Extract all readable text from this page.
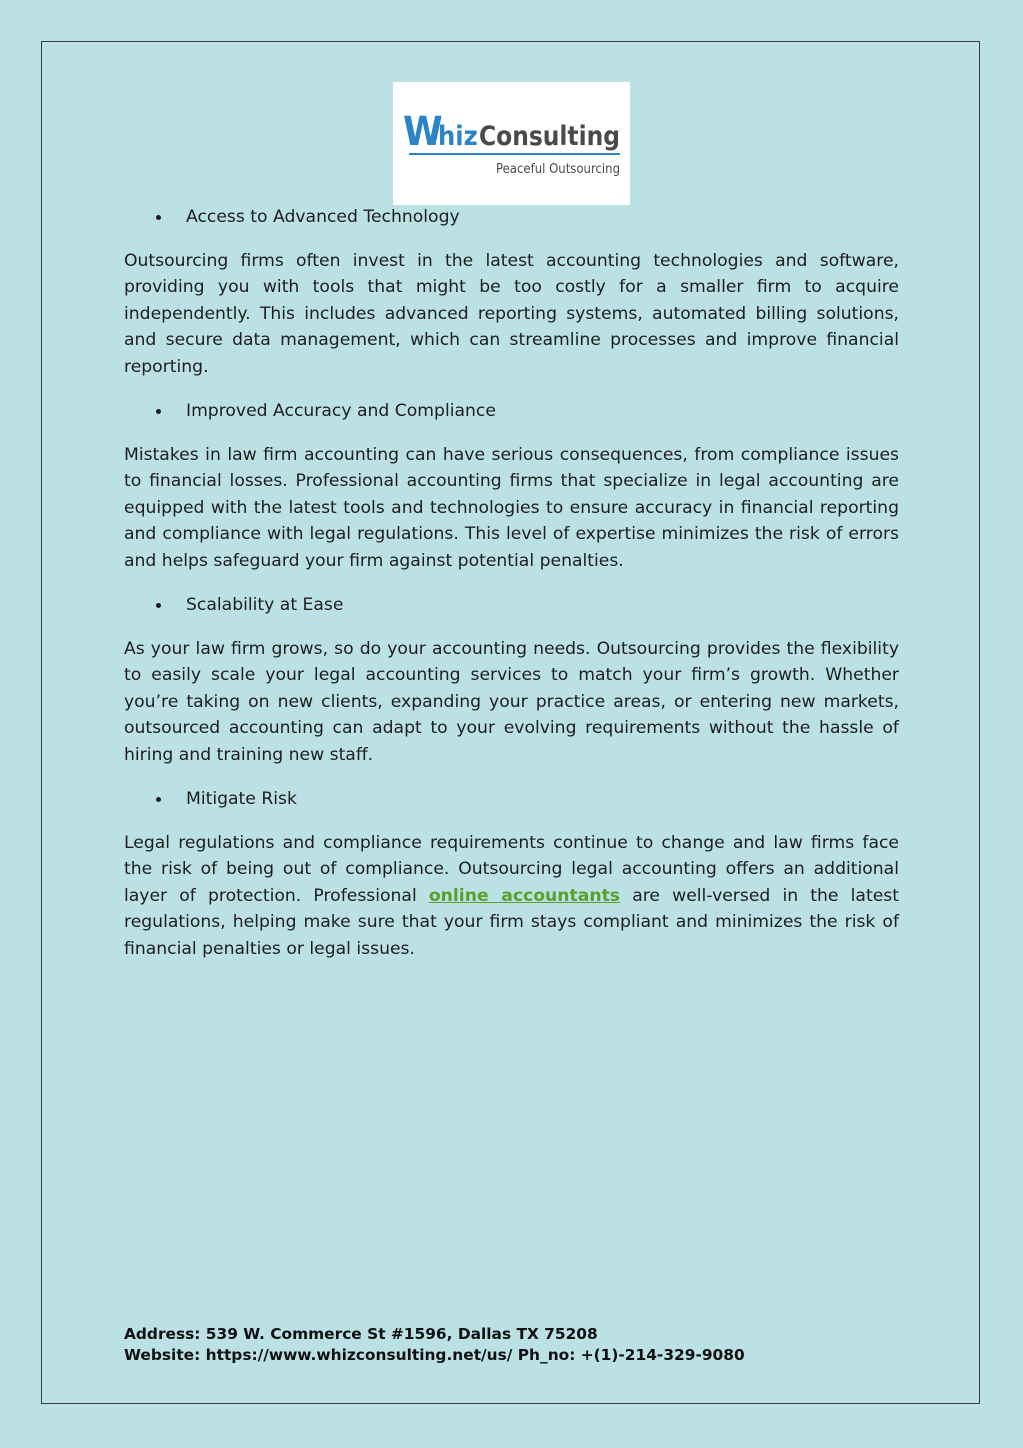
W
hiz Consulting
Peaceful Outsourcing
Access to Advanced Technology

Outsourcing firms often invest in the latest accounting technologies and software, providing you with tools that might be too costly for a smaller firm to acquire independently. This includes advanced reporting systems, automated billing solutions, and secure data management, which can streamline processes and improve financial reporting.

Improved Accuracy and Compliance

Mistakes in law firm accounting can have serious consequences, from compliance issues to financial losses. Professional accounting firms that specialize in legal accounting are equipped with the latest tools and technologies to ensure accuracy in financial reporting and compliance with legal regulations. This level of expertise minimizes the risk of errors and helps safeguard your firm against potential penalties.

Scalability at Ease

As your law firm grows, so do your accounting needs. Outsourcing provides the flexibility to easily scale your legal accounting services to match your firm’s growth. Whether you’re taking on new clients, expanding your practice areas, or entering new markets, outsourced accounting can adapt to your evolving requirements without the hassle of hiring and training new staff.

Mitigate Risk

Legal regulations and compliance requirements continue to change and law firms face the risk of being out of compliance. Outsourcing legal accounting offers an additional layer of protection. Professional online accountants are well-versed in the latest regulations, helping make sure that your firm stays compliant and minimizes the risk of financial penalties or legal issues.

Address: 539 W. Commerce St #1596, Dallas TX 75208
Website: https://www.whizconsulting.net/us/ Ph_no: +(1)-214-329-9080
